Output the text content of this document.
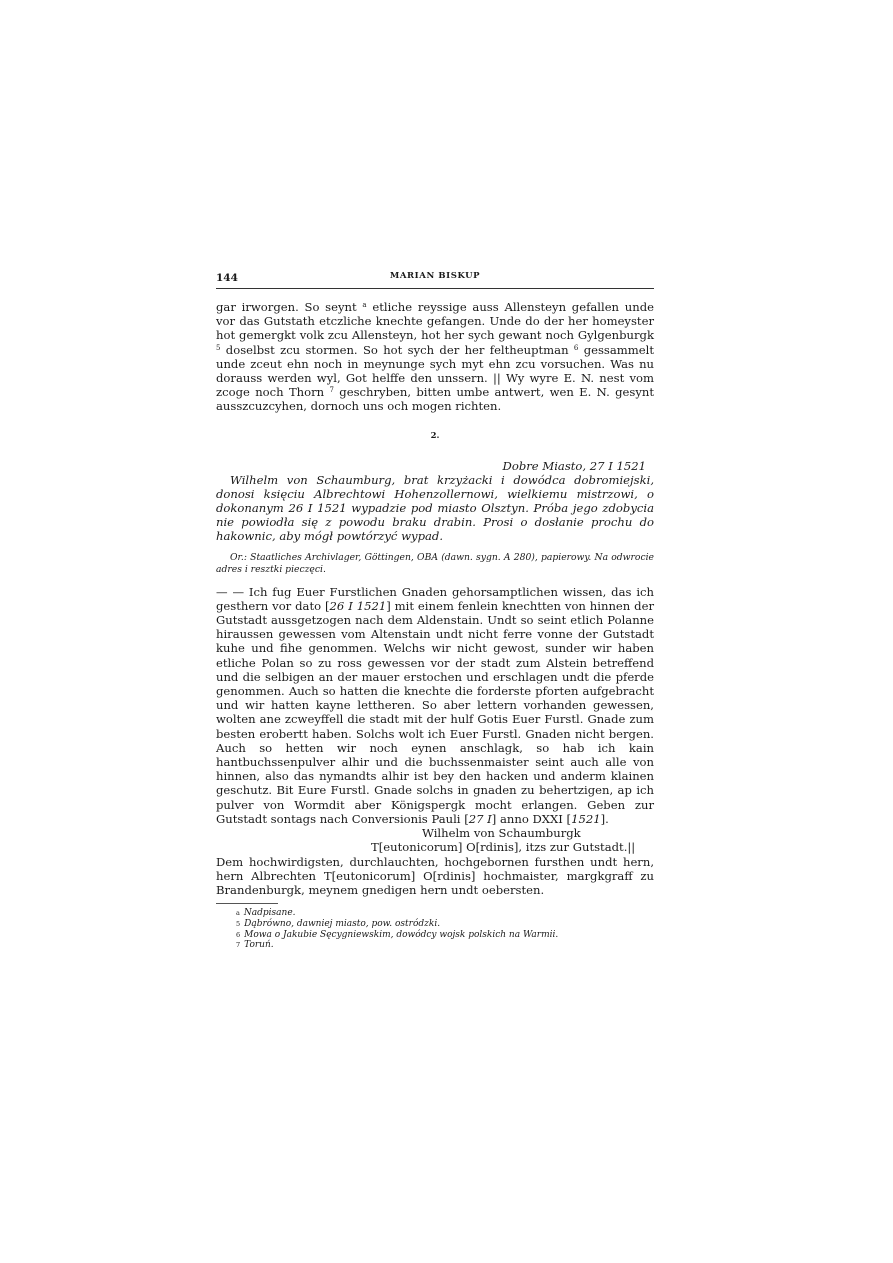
144	MARIAN BISKUP

gar irworgen. So seynt $^a$ etliche reyssige auss Allensteyn gefallen unde vor das Gutstath etczliche knechte gefangen. Unde do der her homeyster hot gemergkt volk zcu Allensteyn, hot her sych gewant noch Gylgenburgk $^5$ doselbst zcu stormen. So hot sych der her feltheuptman $^6$ gessammelt unde zceut ehn noch in meynunge sych myt ehn zcu vorsuchen. Was nu dorauss werden wyl, Got helffe den unssern. || Wy wyre E. N. nest vom zcoge noch Thorn $^7$ geschryben, bitten umbe antwert, wen E. N. gesynt ausszcuzcyhen, dornoch uns och mogen richten.

2.
Dobre Miasto, 27 I 1521

Wilhelm von Schaumburg, brat krzyżacki i dowódca dobromiejski, donosi księciu Albrechtowi Hohenzollernowi, wielkiemu mistrzowi, o dokonanym 26 I 1521 wypadzie pod miasto Olsztyn. Próba jego zdobycia nie powiodła się z powodu braku drabin. Prosi o dosłanie prochu do hakownic, aby mógł powtórzyć wypad.

Or.: Staatliches Archivlager, Göttingen, OBA (dawn. sygn. A 280), papierowy. Na odwrocie adres i resztki pieczęci.

— — Ich fug Euer Furstlichen Gnaden gehorsamptlichen wissen, das ich gesthern vor dato [26 I 1521] mit einem fenlein knechtten von hinnen der Gutstadt aussgetzogen nach dem Aldenstain. Undt so seint etlich Polanne hiraussen gewessen vom Altenstain undt nicht ferre vonne der Gutstadt kuhe und fihe genommen. Welchs wir nicht gewost, sunder wir haben etliche Polan so zu ross gewessen vor der stadt zum Alstein betreffend und die selbigen an der mauer erstochen und erschlagen undt die pferde genommen. Auch so hatten die knechte die forderste pforten aufgebracht und wir hatten kayne lettheren. So aber lettern vorhanden gewessen, wolten ane zcweyffell die stadt mit der hulf Gotis Euer Furstl. Gnade zum besten erobertt haben. Solchs wolt ich Euer Furstl. Gnaden nicht bergen. Auch so hetten wir noch eynen anschlagk, so hab ich kain hantbuchssenpulver alhir und die buchssenmaister seint auch alle von hinnen, also das nymandts alhir ist bey den hacken und anderm klainen geschutz. Bit Eure Furstl. Gnade solchs in gnaden zu behertzigen, ap ich pulver von Wormdit aber Königspergk mocht erlangen. Geben zur Gutstadt sontags nach Conversionis Pauli [27 I] anno DXXI [1521].

Wilhelm von Schaumburgk
T[eutonicorum] O[rdinis], itzs zur Gutstadt.||

Dem hochwirdigsten, durchlauchten, hochgebornen fursthen undt hern, hern Albrechten T[eutonicorum] O[rdinis] hochmaister, margkgraff zu Brandenburgk, meynem gnedigen hern undt oebersten.

$^a$ Nadpisane.
$^5$ Dąbrówno, dawniej miasto, pow. ostródzki.
$^6$ Mowa o Jakubie Sęcygniewskim, dowódcy wojsk polskich na Warmii.
$^7$ Toruń.
